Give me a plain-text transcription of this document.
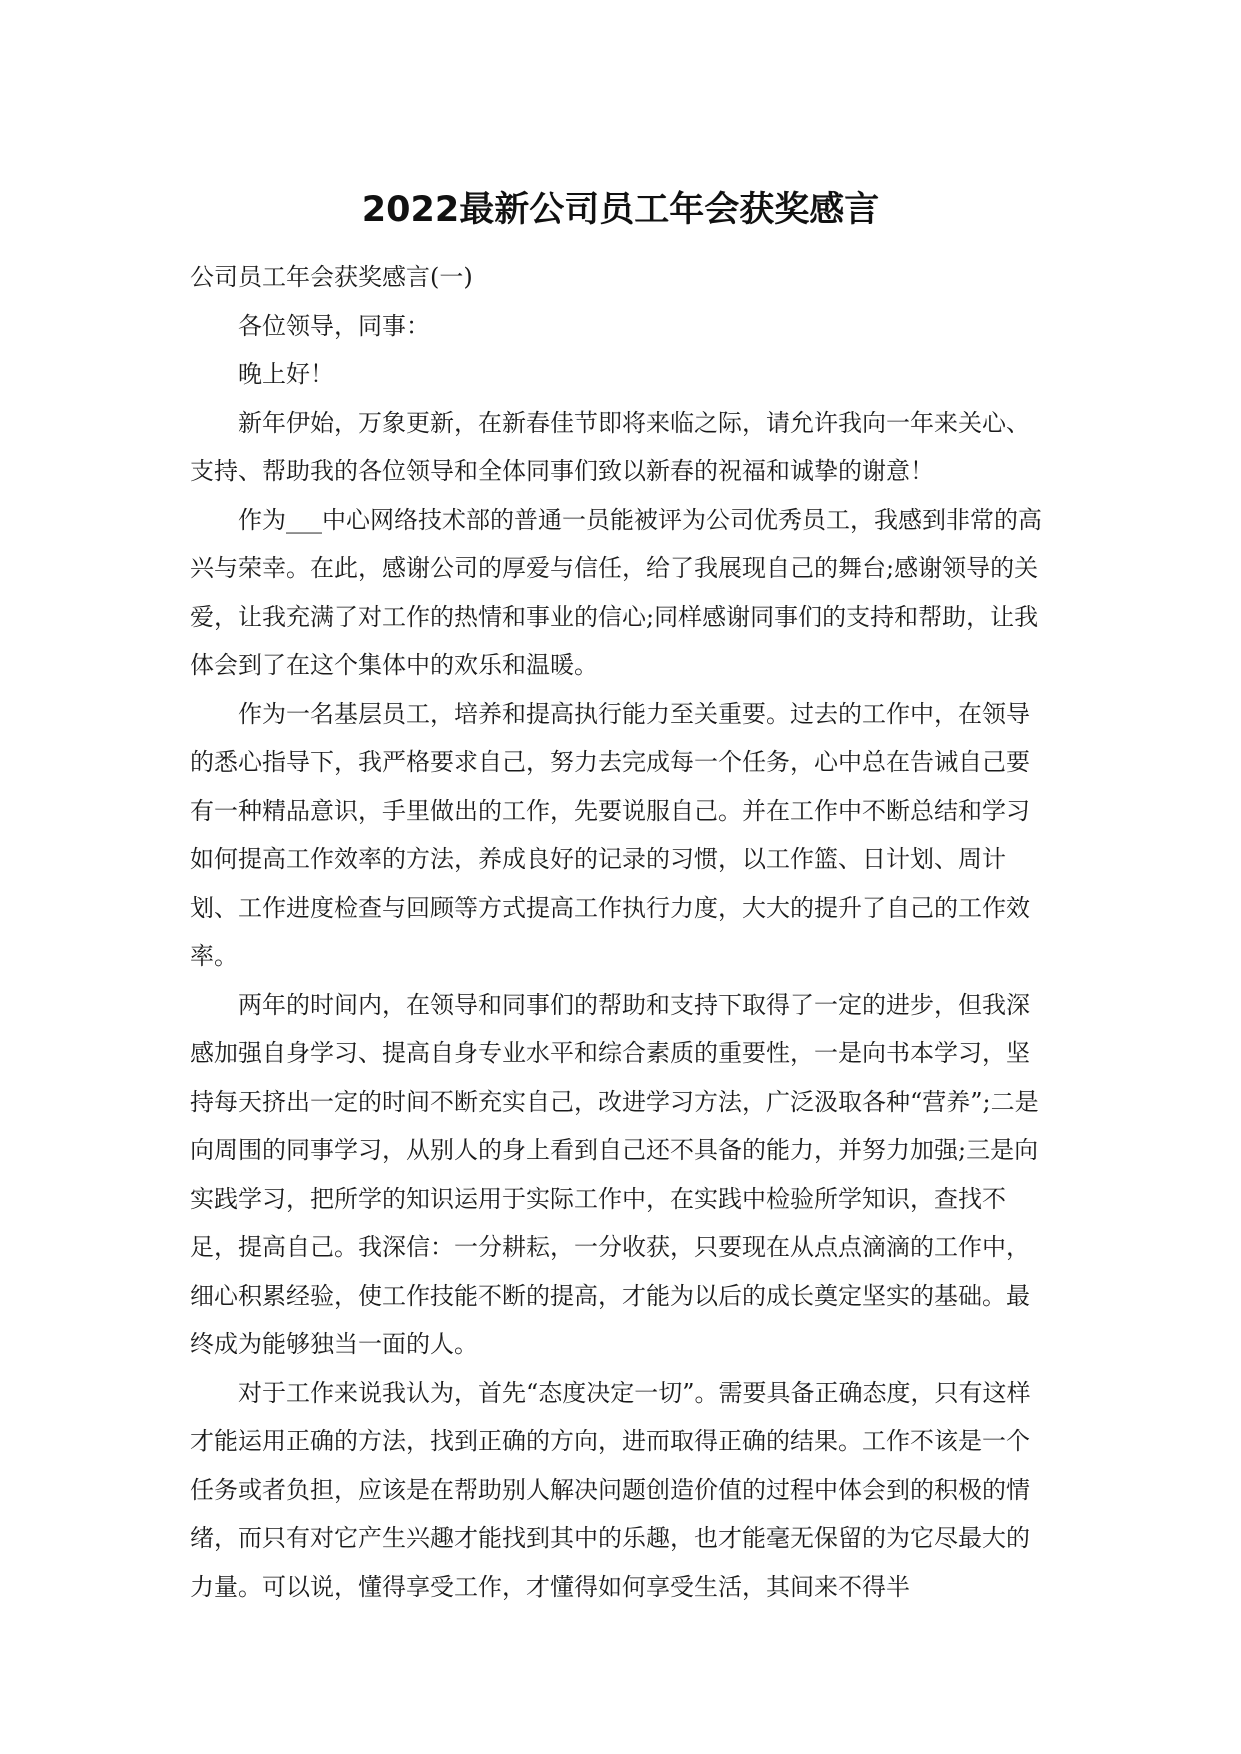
2022最新公司员工年会获奖感言

公司员工年会获奖感言(一)

各位领导，同事：

晚上好！

新年伊始，万象更新，在新春佳节即将来临之际，请允许我向一年来关心、支持、帮助我的各位领导和全体同事们致以新春的祝福和诚挚的谢意！

作为___中心网络技术部的普通一员能被评为公司优秀员工，我感到非常的高兴与荣幸。在此，感谢公司的厚爱与信任，给了我展现自己的舞台;感谢领导的关爱，让我充满了对工作的热情和事业的信心;同样感谢同事们的支持和帮助，让我体会到了在这个集体中的欢乐和温暖。

作为一名基层员工，培养和提高执行能力至关重要。过去的工作中，在领导的悉心指导下，我严格要求自己，努力去完成每一个任务，心中总在告诫自己要有一种精品意识，手里做出的工作，先要说服自己。并在工作中不断总结和学习如何提高工作效率的方法，养成良好的记录的习惯，以工作篮、日计划、周计划、工作进度检查与回顾等方式提高工作执行力度，大大的提升了自己的工作效率。

两年的时间内，在领导和同事们的帮助和支持下取得了一定的进步，但我深感加强自身学习、提高自身专业水平和综合素质的重要性，一是向书本学习，坚持每天挤出一定的时间不断充实自己，改进学习方法，广泛汲取各种“营养”;二是向周围的同事学习，从别人的身上看到自己还不具备的能力，并努力加强;三是向实践学习，把所学的知识运用于实际工作中，在实践中检验所学知识，查找不足，提高自己。我深信：一分耕耘，一分收获，只要现在从点点滴滴的工作中，细心积累经验，使工作技能不断的提高，才能为以后的成长奠定坚实的基础。最终成为能够独当一面的人。

对于工作来说我认为，首先“态度决定一切”。需要具备正确态度，只有这样才能运用正确的方法，找到正确的方向，进而取得正确的结果。工作不该是一个任务或者负担，应该是在帮助别人解决问题创造价值的过程中体会到的积极的情绪，而只有对它产生兴趣才能找到其中的乐趣，也才能毫无保留的为它尽最大的力量。可以说，懂得享受工作，才懂得如何享受生活，其间来不得半
